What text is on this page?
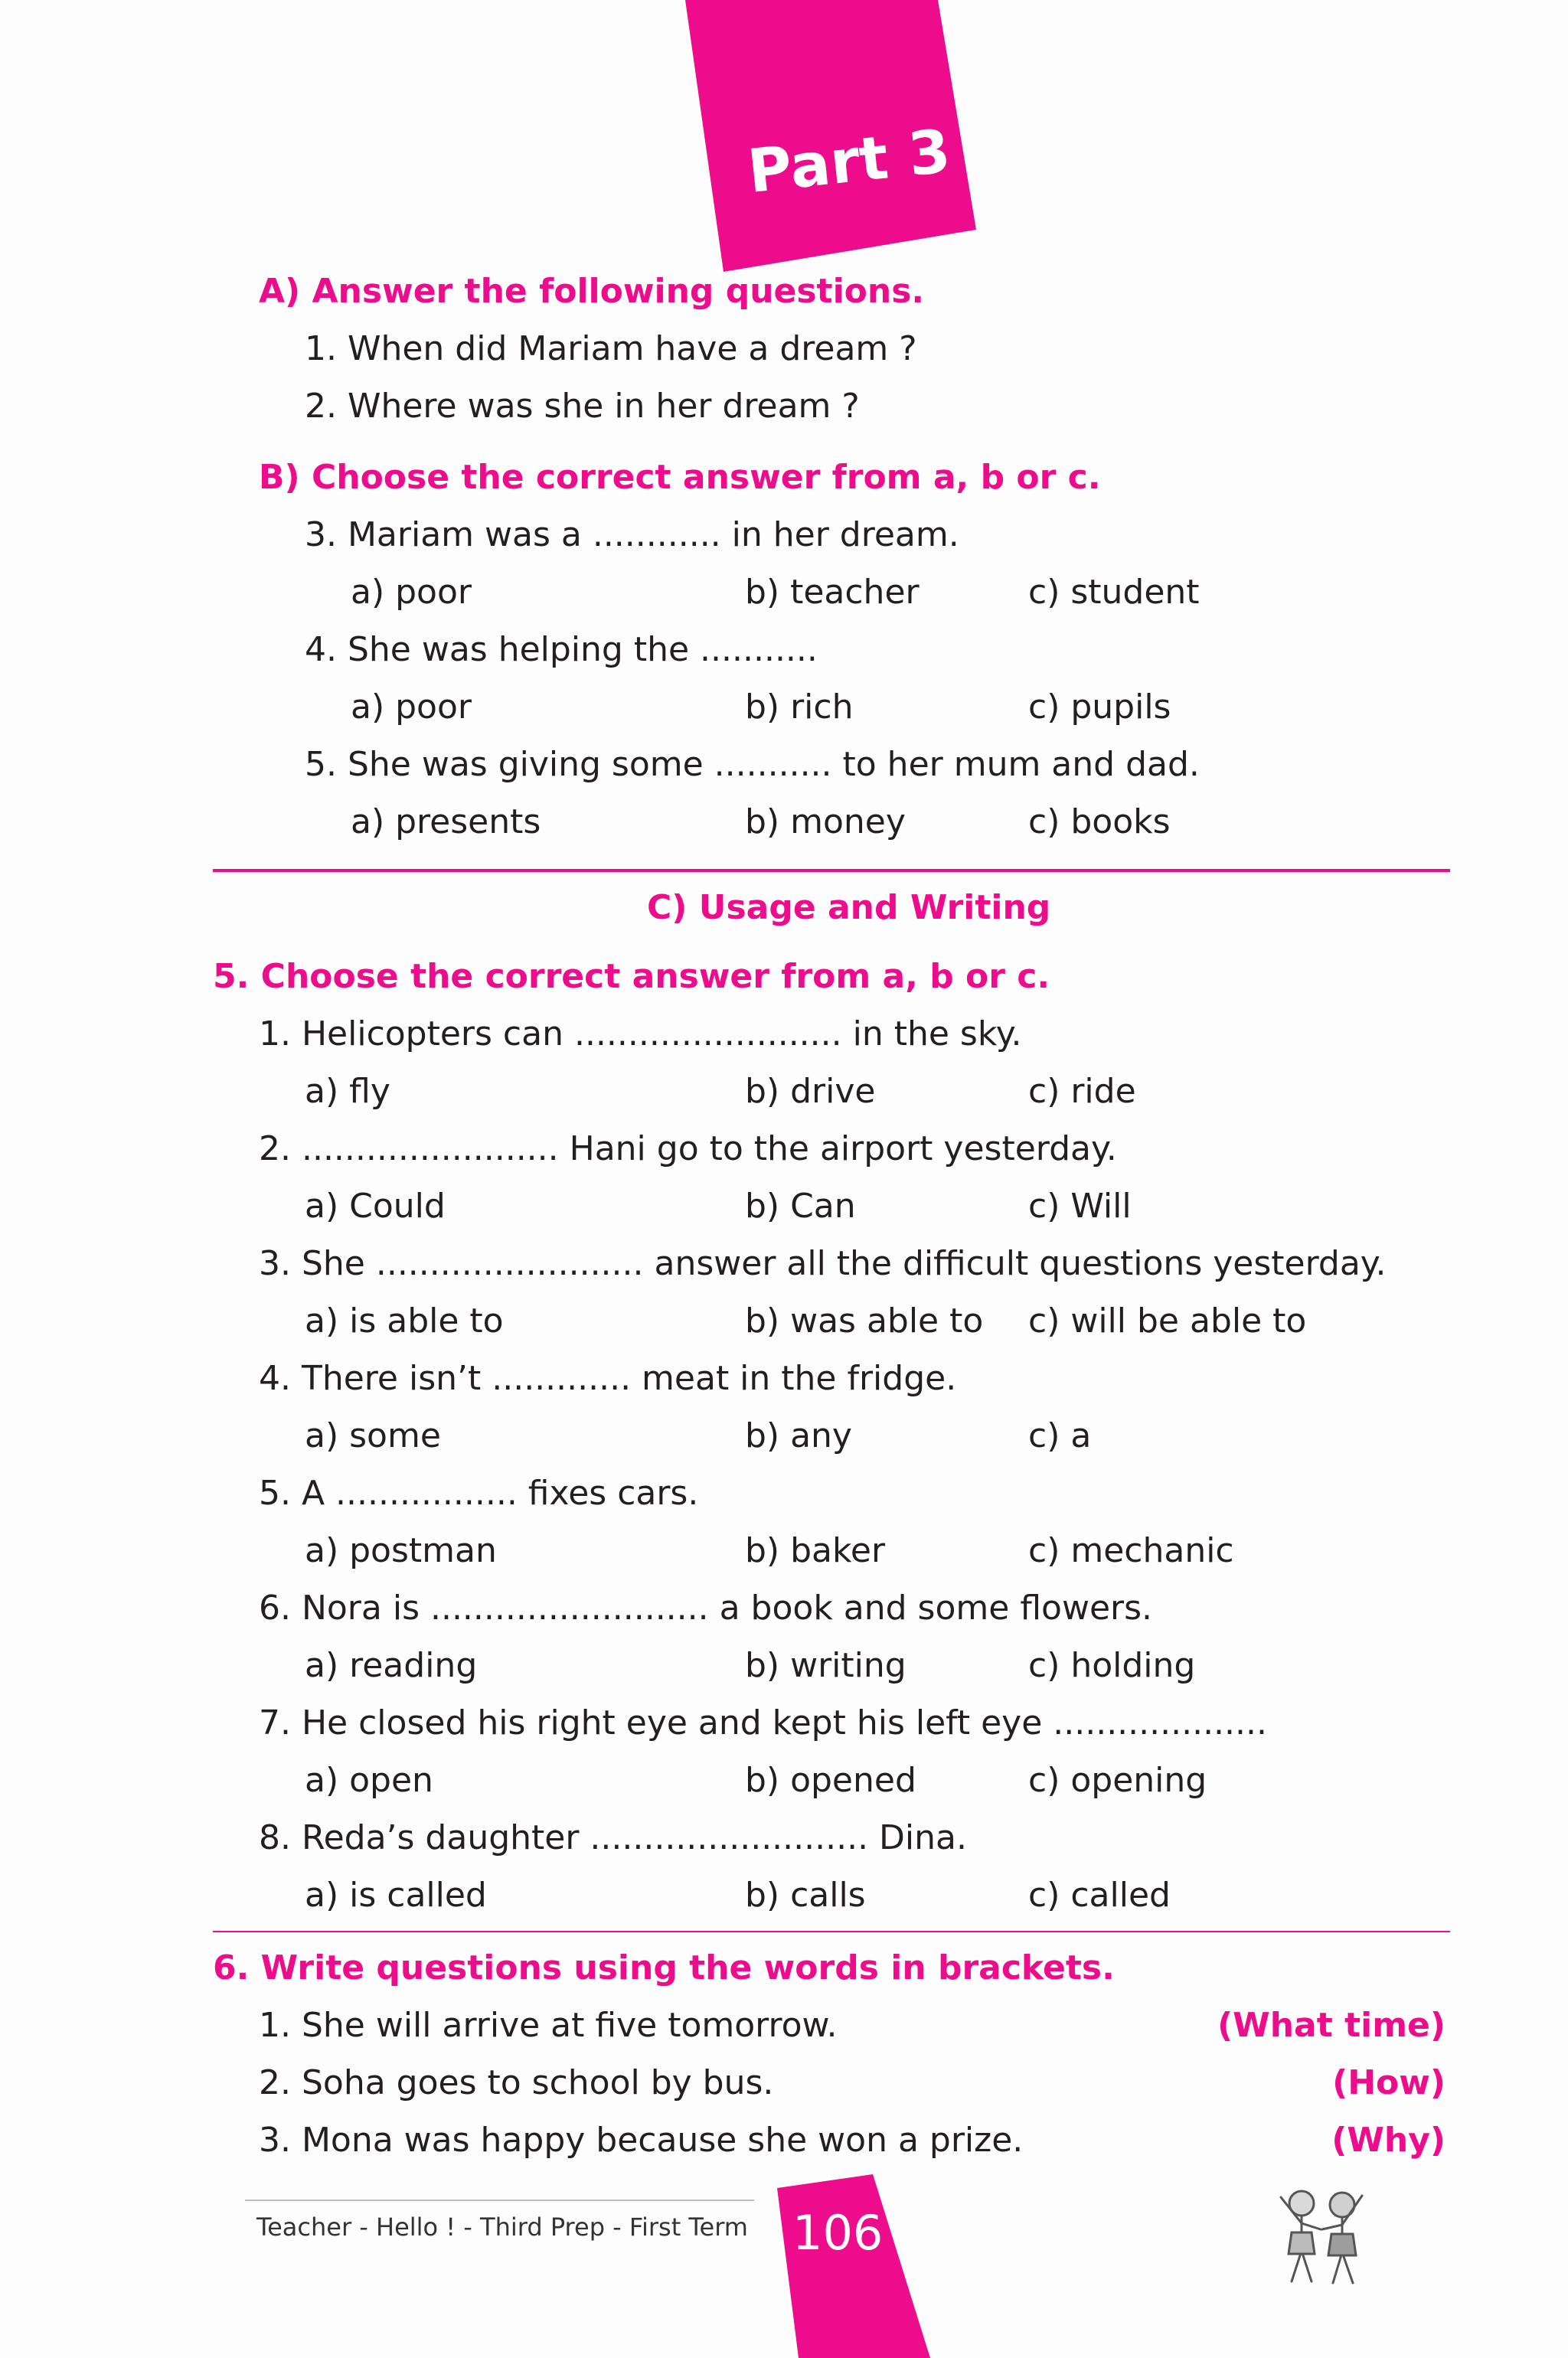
Part 3
A) Answer the following questions.
1. When did Mariam have a dream ?
2. Where was she in her dream ?
B) Choose the correct answer from a, b or c.
3. Mariam was a ............ in her dream.
a) poor	b) teacher	c) student
4. She was helping the ...........
a) poor	b) rich	c) pupils
5. She was giving some ........... to her mum and dad.
a) presents	b) money	c) books
C) Usage and Writing
5. Choose the correct answer from a, b or c.
1. Helicopters can ......................... in the sky.
a) fly	b) drive	c) ride
2. ........................ Hani go to the airport yesterday.
a) Could	b) Can	c) Will
3. She ......................... answer all the difficult questions yesterday.
a) is able to	b) was able to c) will be able to
4. There isn’t ............. meat in the fridge.
a) some	b) any	c) a
5. A ................. fixes cars.
a) postman	b) baker	c) mechanic
6. Nora is .......................... a book and some flowers.
a) reading	b) writing	c) holding
7. He closed his right eye and kept his left eye ....................
a) open	b) opened	c) opening
8. Reda’s daughter .......................... Dina.
a) is called	b) calls	c) called
6. Write questions using the words in brackets.
1. She will arrive at five tomorrow.	(What time)
2. Soha goes to school by bus.	(How)
3. Mona was happy because she won a prize.	(Why)
Teacher - Hello ! - Third Prep - First Term 106
